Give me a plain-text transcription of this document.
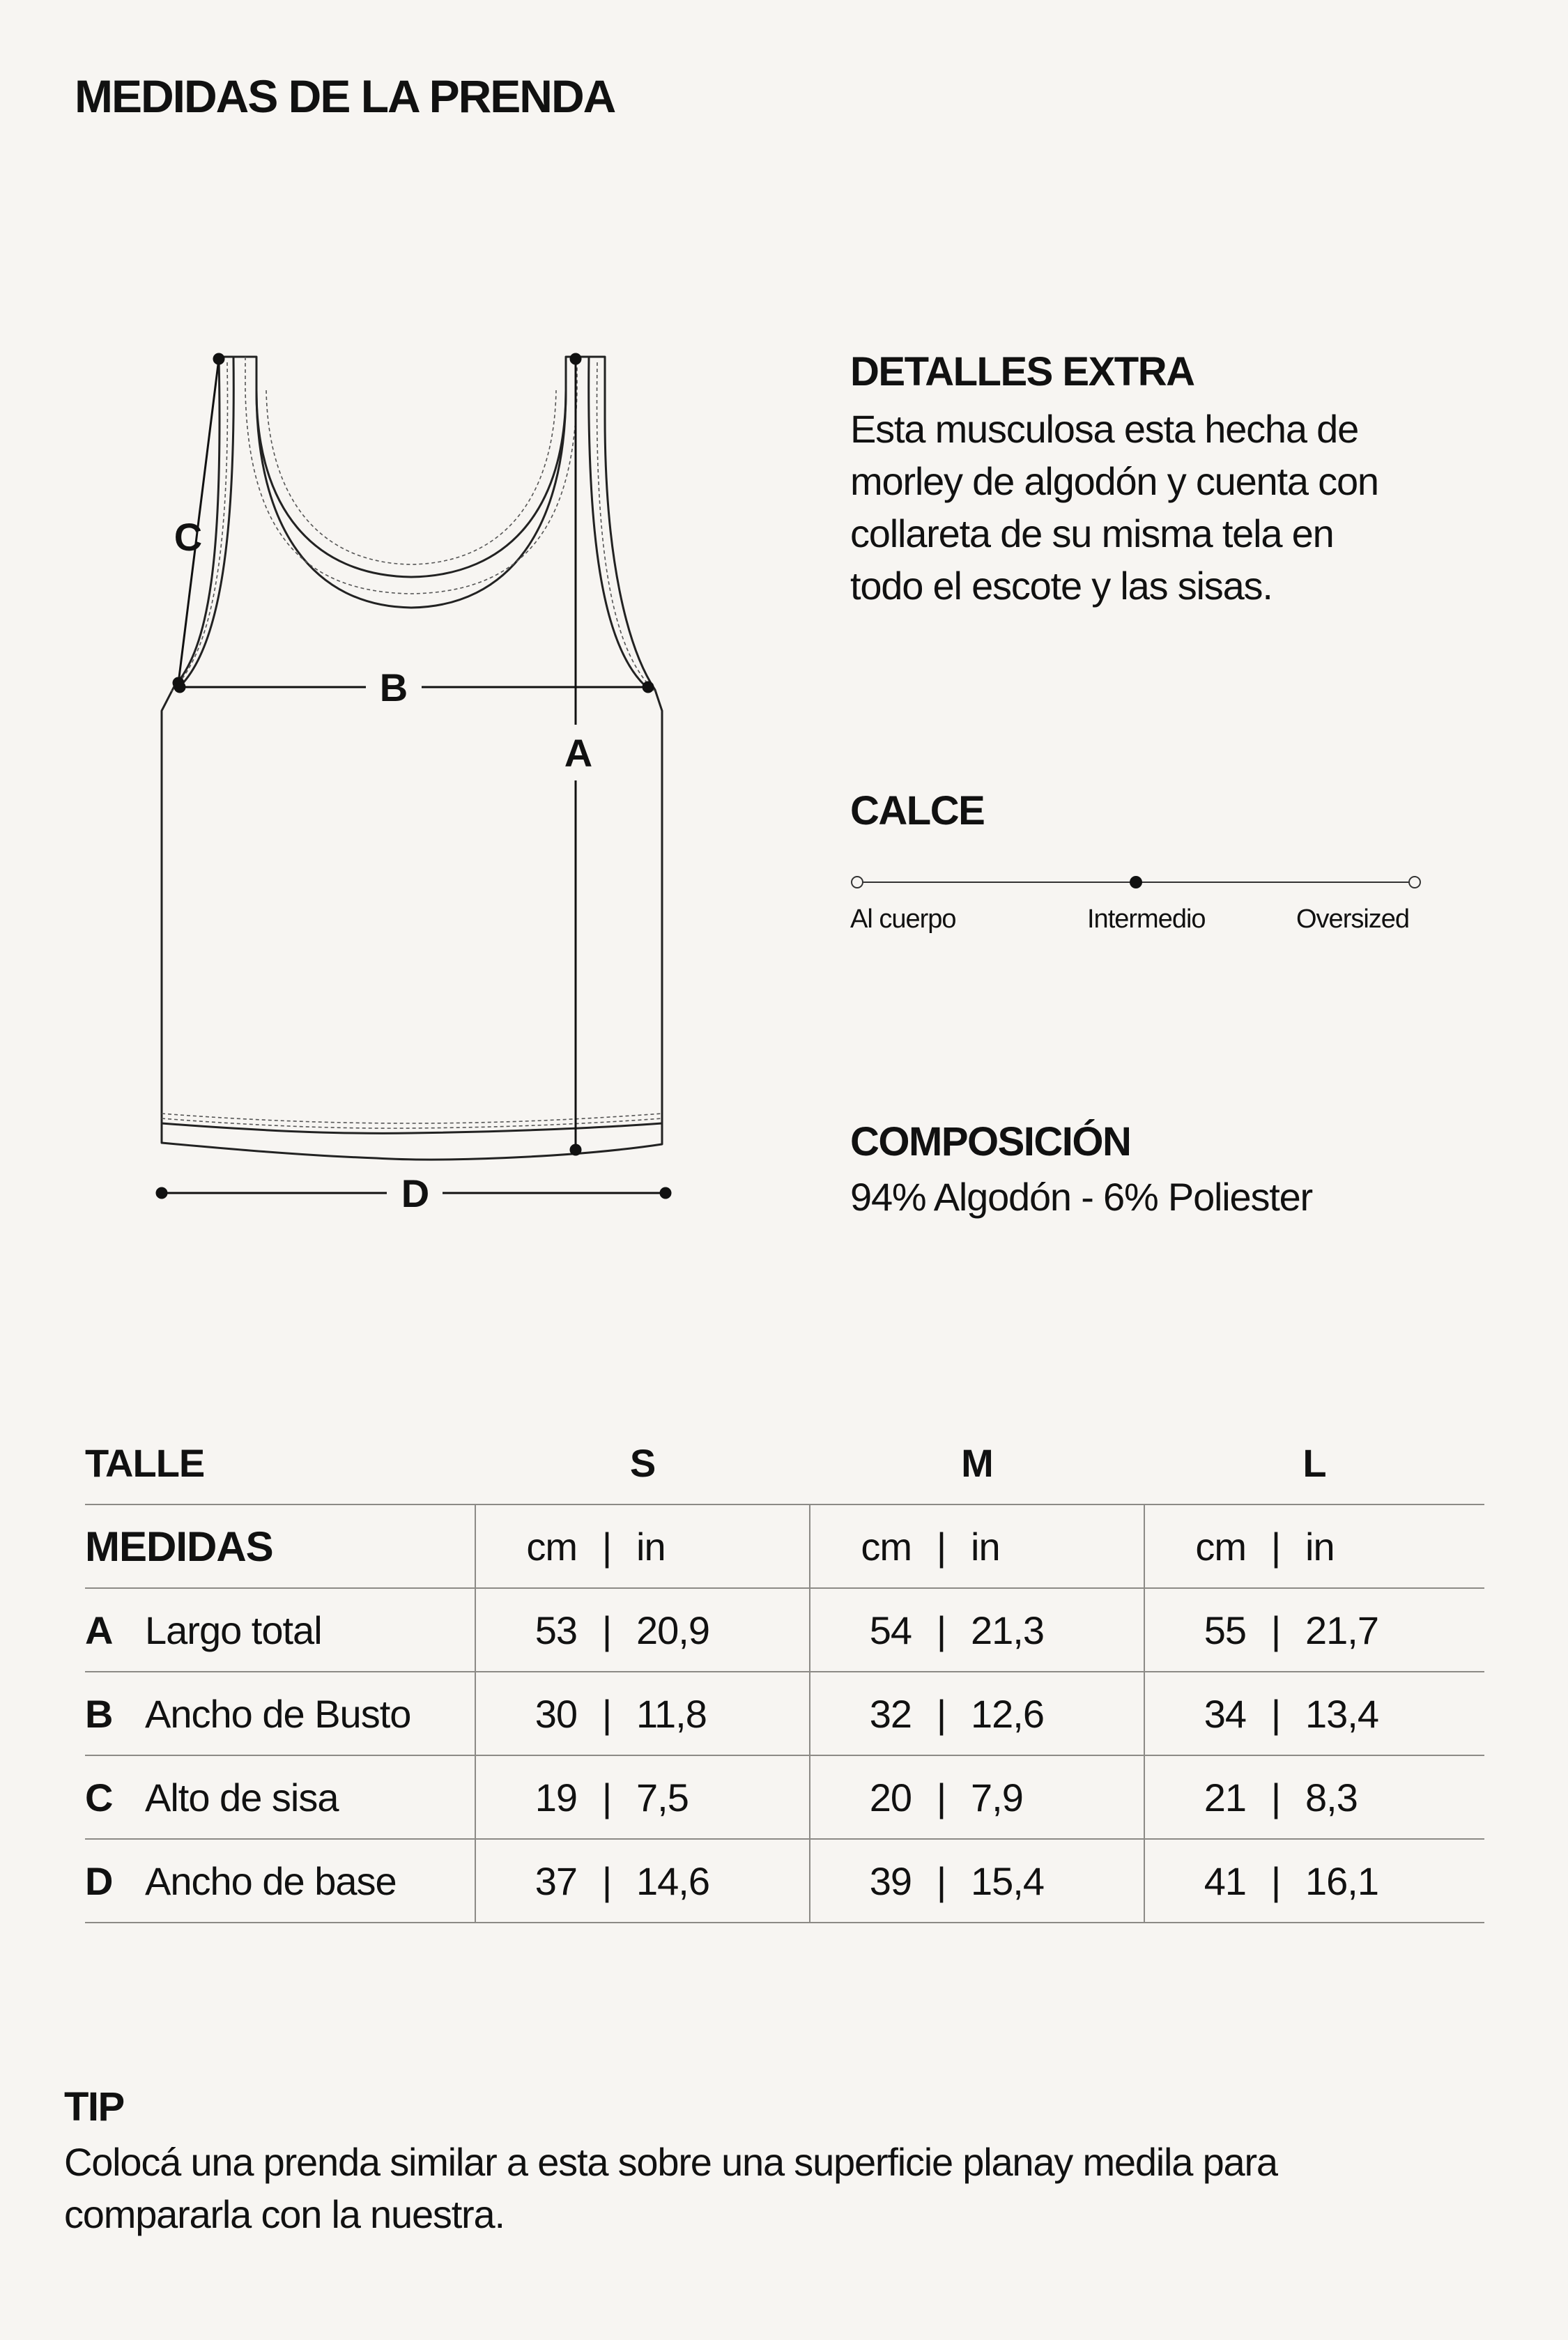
MEDIDAS DE LA PRENDA
C
B
A
D
DETALLES EXTRA
Esta musculosa esta hecha de
morley de algodón y cuenta con
collareta de su misma tela en
todo el escote y las sisas.
CALCE
Al cuerpo	Intermedio	Oversized
COMPOSICIÓN
94% Algodón - 6% Poliester
TALLE	S	M	L
MEDIDAS	cm | in	cm | in	cm | in

A Largo total	53 | 20,9	54 | 21,3	55 | 21,7

B Ancho de Busto	30 | 11,8	32 | 12,6	34 | 13,4

C Alto de sisa	19 | 7,5	20 | 7,9	21 | 8,3

D Ancho de base	37 | 14,6	39 | 15,4	41 | 16,1
TIP
Colocá una prenda similar a esta sobre una superficie planay medila para
compararla con la nuestra.
